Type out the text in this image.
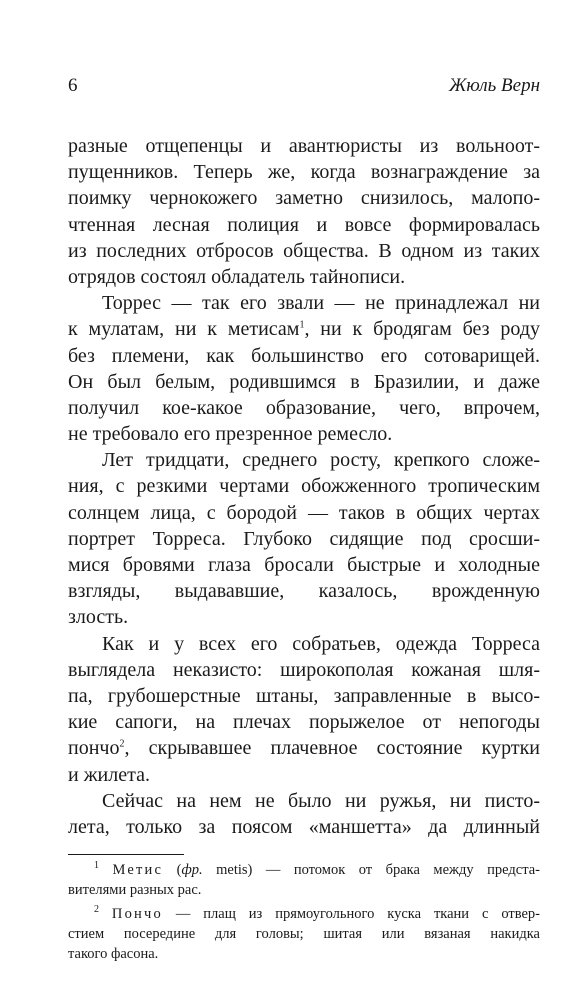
6	Жюль Верн
разные отщепенцы и авантюристы из вольноот-
пущенников. Теперь же, когда вознаграждение за
поимку чернокожего заметно снизилось, малопо-
чтенная лесная полиция и вовсе формировалась
из последних отбросов общества. В одном из таких
отрядов состоял обладатель тайнописи.
Торрес — так его звали — не принадлежал ни
к мулатам, ни к метисам$^1$, ни к бродягам без роду
без племени, как большинство его сотоварищей.
Он был белым, родившимся в Бразилии, и даже
получил кое-какое образование, чего, впрочем,
не требовало его презренное ремесло.
Лет тридцати, среднего росту, крепкого сложе-
ния, с резкими чертами обожженного тропическим
солнцем лица, с бородой — таков в общих чертах
портрет Торреса. Глубоко сидящие под сросши-
мися бровями глаза бросали быстрые и холодные
взгляды, выдававшие, казалось, врожденную
злость.
Как и у всех его собратьев, одежда Торреса
выглядела неказисто: широкополая кожаная шля-
па, грубошерстные штаны, заправленные в высо-
кие сапоги, на плечах порыжелое от непогоды
пончо$^2$, скрывавшее плачевное состояние куртки
и жилета.
Сейчас на нем не было ни ружья, ни писто-
лета, только за поясом «маншетта» да длинный
$^1$ Метис (фр. metis) — потомок от брака между предста-
вителями разных рас.
$^2$ Пончо — плащ из прямоугольного куска ткани с отвер-
стием посередине для головы; шитая или вязаная накидка
такого фасона.
